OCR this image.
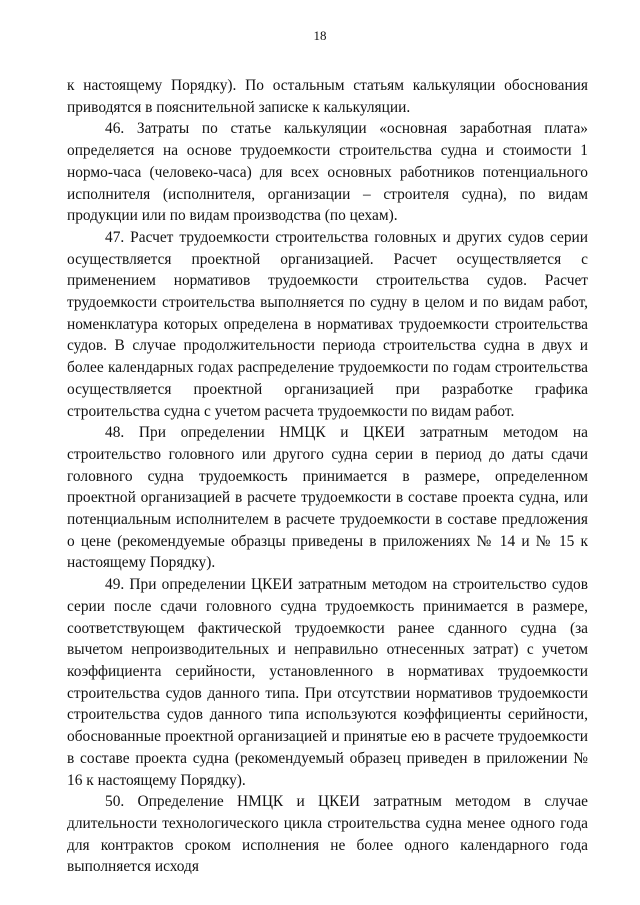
18

к настоящему Порядку). По остальным статьям калькуляции обоснования приводятся в пояснительной записке к калькуляции.

46. Затраты по статье калькуляции «основная заработная плата» определяется на основе трудоемкости строительства судна и стоимости 1 нормо-часа (человеко-часа) для всех основных работников потенциального исполнителя (исполнителя, организации – строителя судна), по видам продукции или по видам производства (по цехам).

47. Расчет трудоемкости строительства головных и других судов серии осуществляется проектной организацией. Расчет осуществляется с применением нормативов трудоемкости строительства судов. Расчет трудоемкости строительства выполняется по судну в целом и по видам работ, номенклатура которых определена в нормативах трудоемкости строительства судов. В случае продолжительности периода строительства судна в двух и более календарных годах распределение трудоемкости по годам строительства осуществляется проектной организацией при разработке графика строительства судна с учетом расчета трудоемкости по видам работ.

48. При определении НМЦК и ЦКЕИ затратным методом на строительство головного или другого судна серии в период до даты сдачи головного судна трудоемкость принимается в размере, определенном проектной организацией в расчете трудоемкости в составе проекта судна, или потенциальным исполнителем в расчете трудоемкости в составе предложения о цене (рекомендуемые образцы приведены в приложениях № 14 и № 15 к настоящему Порядку).

49. При определении ЦКЕИ затратным методом на строительство судов серии после сдачи головного судна трудоемкость принимается в размере, соответствующем фактической трудоемкости ранее сданного судна (за вычетом непроизводительных и неправильно отнесенных затрат) с учетом коэффициента серийности, установленного в нормативах трудоемкости строительства судов данного типа. При отсутствии нормативов трудоемкости строительства судов данного типа используются коэффициенты серийности, обоснованные проектной организацией и принятые ею в расчете трудоемкости в составе проекта судна (рекомендуемый образец приведен в приложении № 16 к настоящему Порядку).

50. Определение НМЦК и ЦКЕИ затратным методом в случае длительности технологического цикла строительства судна менее одного года для контрактов сроком исполнения не более одного календарного года выполняется исходя
